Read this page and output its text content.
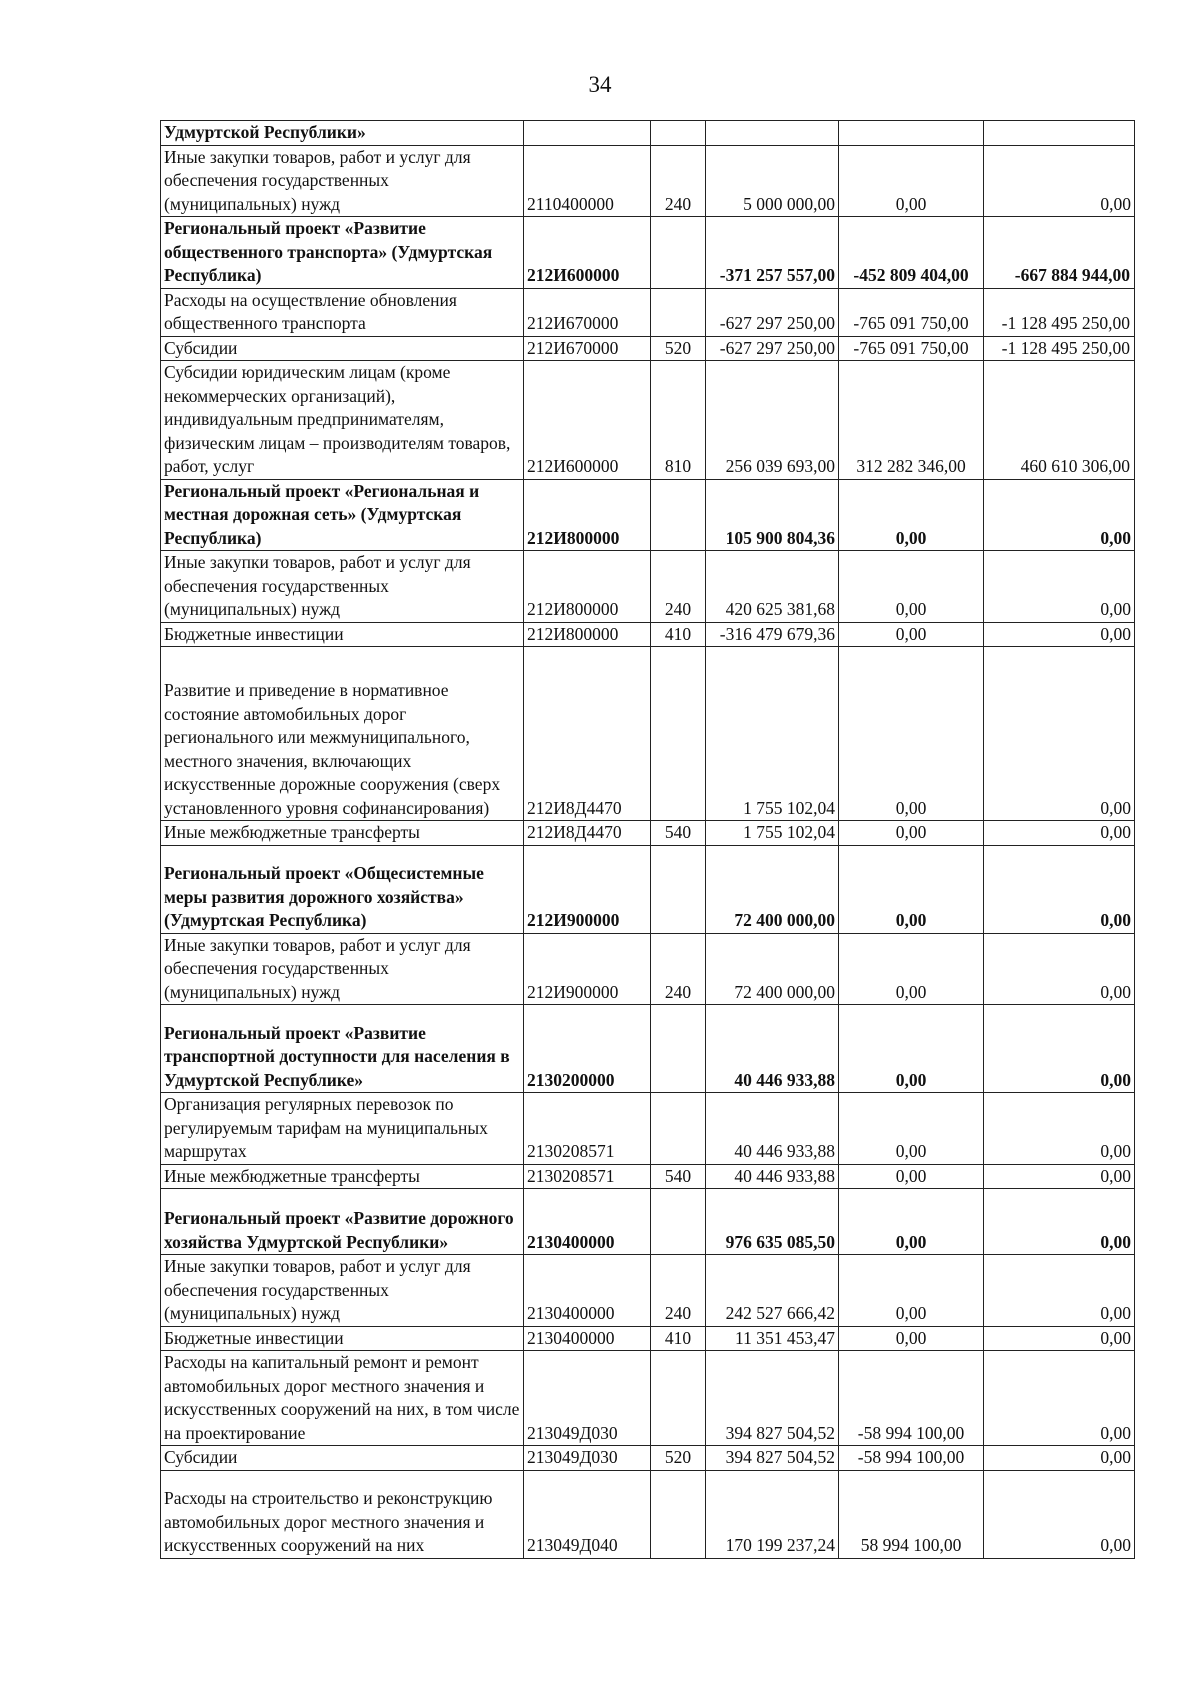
34
Удмуртской Республики»					
Иные закупки товаров, работ и услуг для обеспечения государственных (муниципальных) нужд	2110400000	240	5 000 000,00	0,00	0,00
Региональный проект «Развитие общественного транспорта» (Удмуртская Республика)	212И600000		-371 257 557,00	-452 809 404,00	-667 884 944,00
Расходы на осуществление обновления общественного транспорта	212И670000		-627 297 250,00	-765 091 750,00	-1 128 495 250,00
Субсидии	212И670000	520	-627 297 250,00	-765 091 750,00	-1 128 495 250,00
Субсидии юридическим лицам (кроме некоммерческих организаций), индивидуальным предпринимателям, физическим лицам – производителям товаров, работ, услуг	212И600000	810	256 039 693,00	312 282 346,00	460 610 306,00
Региональный проект «Региональная и местная дорожная сеть» (Удмуртская Республика)	212И800000		105 900 804,36	0,00	0,00
Иные закупки товаров, работ и услуг для обеспечения государственных (муниципальных) нужд	212И800000	240	420 625 381,68	0,00	0,00
Бюджетные инвестиции	212И800000	410	-316 479 679,36	0,00	0,00
Развитие и приведение в нормативное состояние автомобильных дорог регионального или межмуниципального, местного значения, включающих искусственные дорожные сооружения (сверх установленного уровня софинансирования)	212И8Д4470		1 755 102,04	0,00	0,00
Иные межбюджетные трансферты	212И8Д4470	540	1 755 102,04	0,00	0,00
Региональный проект «Общесистемные меры развития дорожного хозяйства» (Удмуртская Республика)	212И900000		72 400 000,00	0,00	0,00
Иные закупки товаров, работ и услуг для обеспечения государственных (муниципальных) нужд	212И900000	240	72 400 000,00	0,00	0,00
Региональный проект «Развитие транспортной доступности для населения в Удмуртской Республике»	2130200000		40 446 933,88	0,00	0,00
Организация регулярных перевозок по регулируемым тарифам на муниципальных маршрутах	2130208571		40 446 933,88	0,00	0,00
Иные межбюджетные трансферты	2130208571	540	40 446 933,88	0,00	0,00
Региональный проект «Развитие дорожного хозяйства Удмуртской Республики»	2130400000		976 635 085,50	0,00	0,00
Иные закупки товаров, работ и услуг для обеспечения государственных (муниципальных) нужд	2130400000	240	242 527 666,42	0,00	0,00
Бюджетные инвестиции	2130400000	410	11 351 453,47	0,00	0,00
Расходы на капитальный ремонт и ремонт автомобильных дорог местного значения и искусственных сооружений на них, в том числе на проектирование	213049Д030		394 827 504,52	-58 994 100,00	0,00
Субсидии	213049Д030	520	394 827 504,52	-58 994 100,00	0,00
Расходы на строительство и реконструкцию автомобильных дорог местного значения и искусственных сооружений на них	213049Д040		170 199 237,24	58 994 100,00	0,00
